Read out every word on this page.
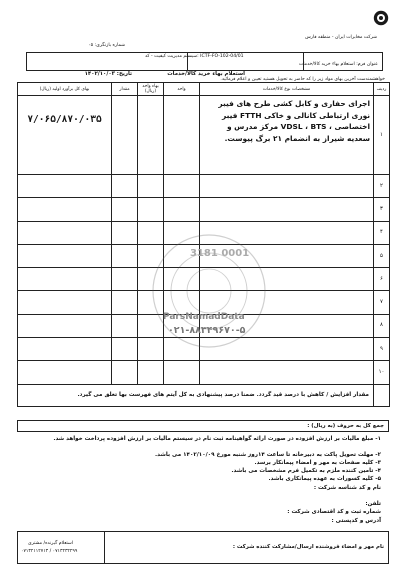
شماره بازنگری: ۰۵
شرکت مخابرات ایران - منطقه فارس
عنوان فرم: استعلام بهاء خرید کالا/خدمات
سیستم مدیریت کیفیت - کد: ICTF-FO-102-04/01
تاریخ: ۱۴۰۲/۱۰/۰۳	استعلام بهاء خرید کالا/خدمات
خواهشمندست آخرین بهای مواد زیر را که حاضر به تحویل هستید تعیین و اعلام فرمائید.
بهای کل برآورد اولیه (ریال)	مقدار	بهاء واحد (ریال)	واحد	مشخصات نوع کالا/خدمات	ردیف
۷/۰۶۵/۸۷۰/۰۳۵				اجرای حفاری و کابل کشی طرح های فیبر نوری ارتباطی کانالی و خاکی FTTH فیبر اختصاصی ، VDSL ، BTS مرکز مدرس و سعدیه شیراز به انضمام ۲۱ برگ پیوست.	۱
					۲
					۳
					۴
					۵
					۶
					۷
					۸
					۹
					۱۰
مقدار افزایش / کاهش با درصد قید گردد. ضمنا درصد پیشنهادی به کل آیتم های فهرست بها تعلق می گیرد.					
3181 0001
ParsNamadData
۰۲۱-۸۸۳۴۹۶۷۰-۵
جمع کل به حروف (به ریال) :
۱- مبلغ مالیات بر ارزش افزوده در صورت ارائه گواهینامه ثبت نام در سیستم مالیات بر ارزش افزوده پرداخت خواهد شد.
۲- مهلت تحویل پاکت به دبیرخانه تا ساعت ۱۴روز شنبه مورخ ۱۴۰۲/۱۰/۰۹ می باشد.
۳- کلیه صفحات به مهر و امضاء پیمانکار برسد.
۴- تامین کننده ملزم به تکمیل فرم مشخصات می باشد.
۵- کلیه کسورات به عهده پیمانکاری باشد.
نام و کد شناسه شرکت :
تلفن:
شماره ثبت و کد اقتصادی شرکت :
آدرس و کدپستی :
نام مهر و امضاء فروشنده ارسال/مشارکت کننده شرکت :
استعلام گیرنده/ مشتری
۰۷۱۳۲۱۱۲۷۱۳ / ۰۷۱۳۲۳۲۲۹۹
